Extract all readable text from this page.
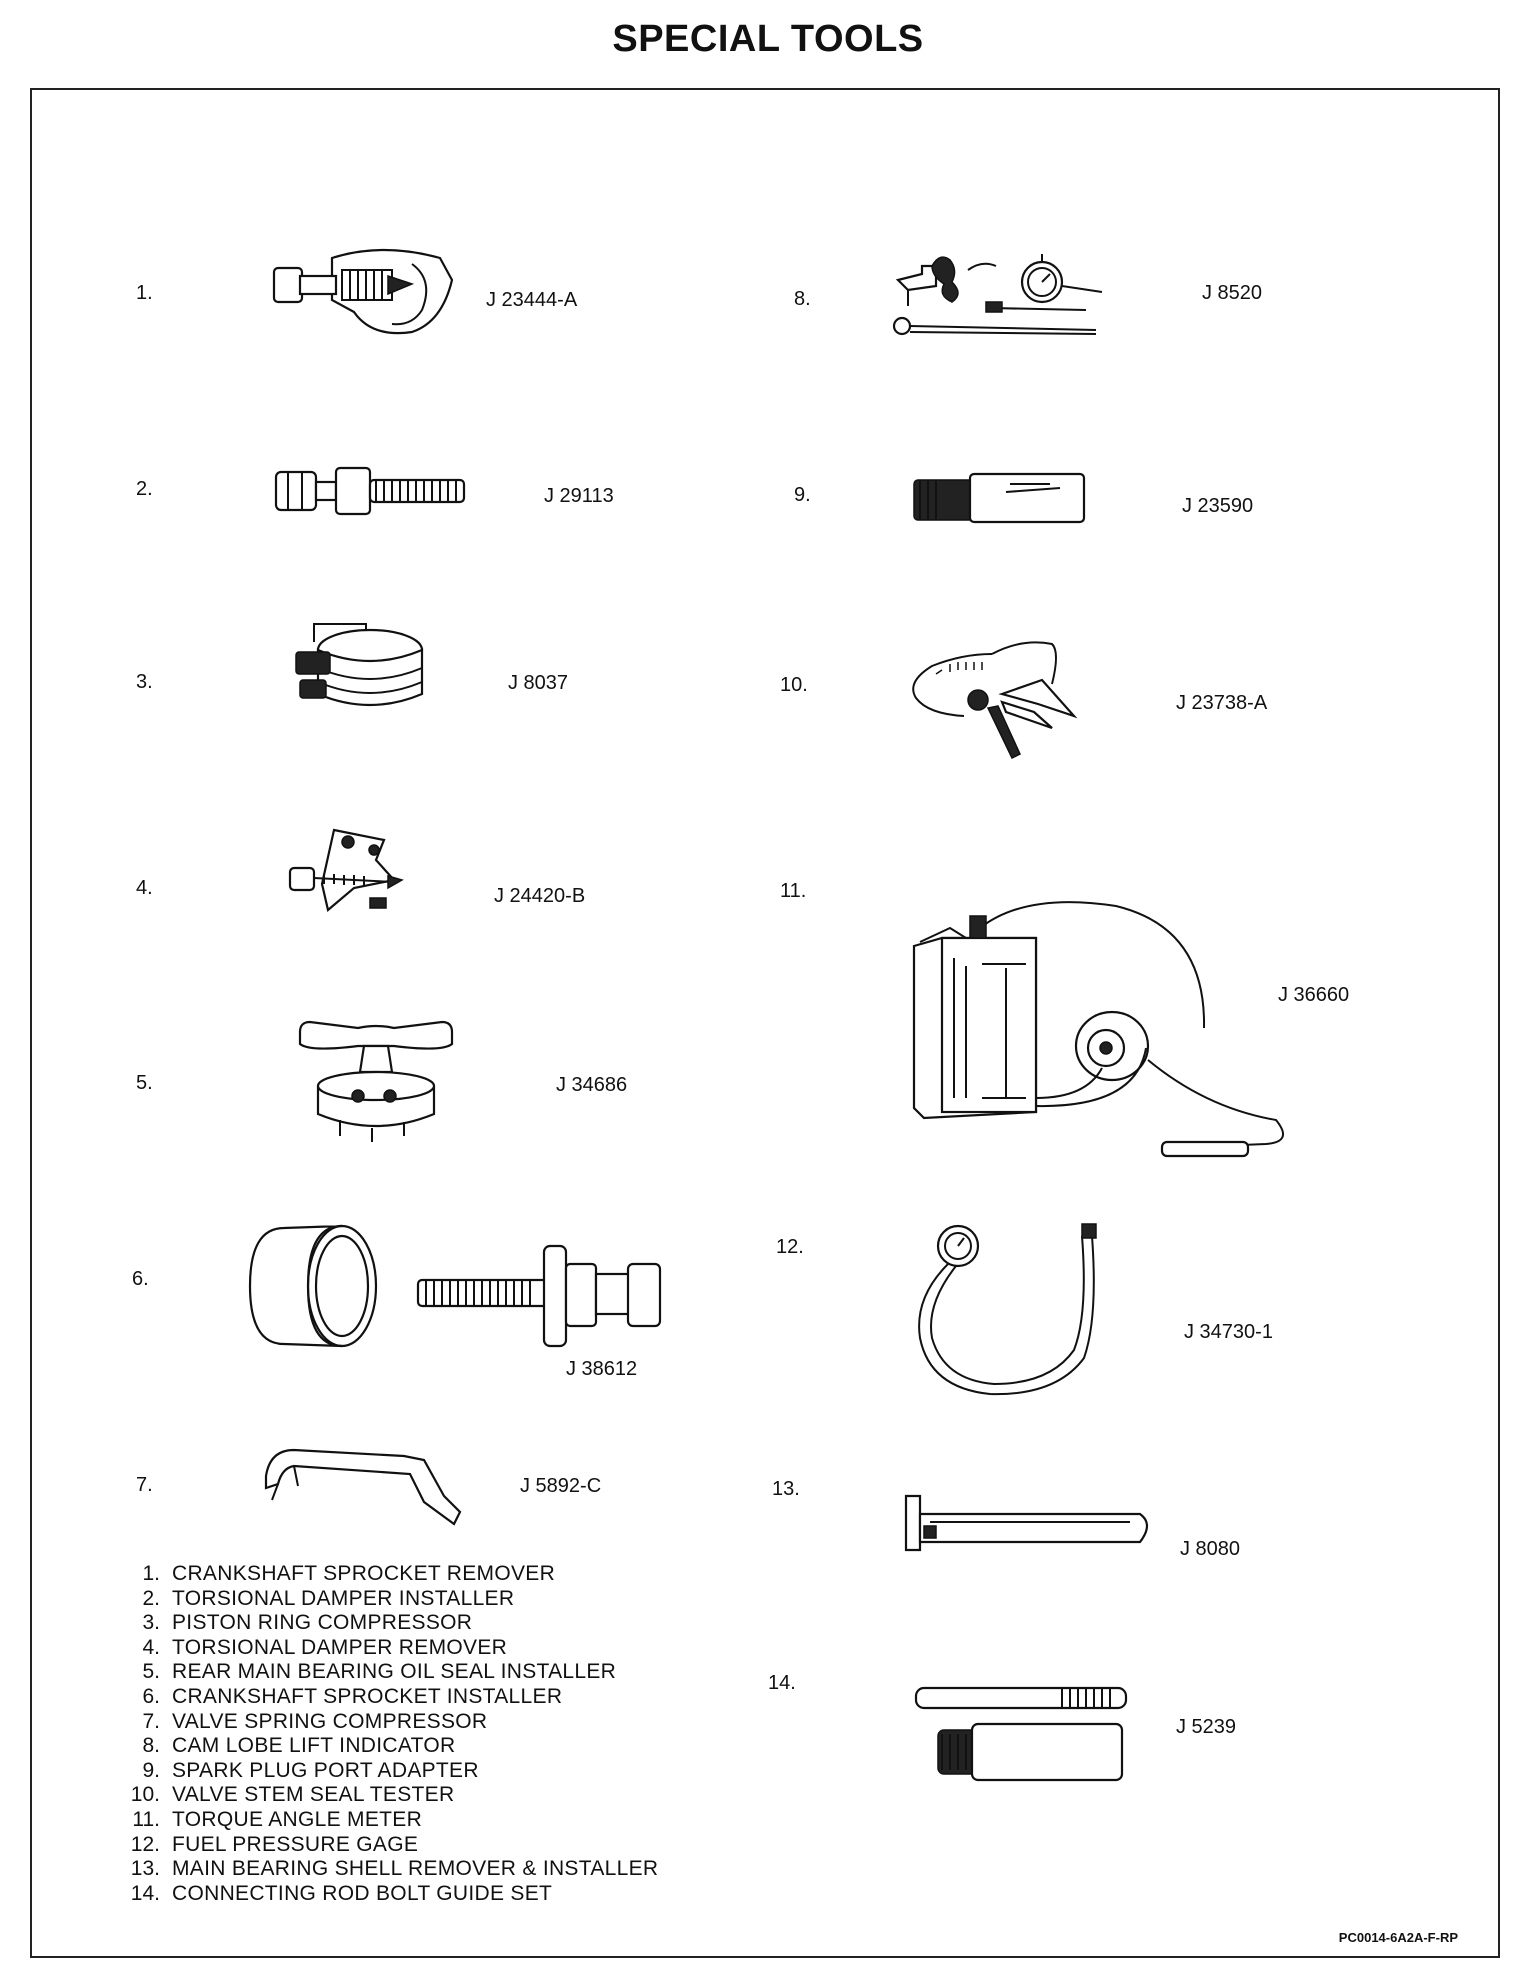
SPECIAL TOOLS
1.
2.
3.
4.
5.
6.
7.
8.
9.
10.
11.
12.
13.
14.
J 23444-A
J 29113
J 8037
J 24420-B
J 34686
J 38612
J 5892-C
J 8520
J 23590
J 23738-A
J 36660
J 34730-1
J 8080
J 5239
1. CRANKSHAFT SPROCKET REMOVER
2. TORSIONAL DAMPER INSTALLER
3. PISTON RING COMPRESSOR
4. TORSIONAL DAMPER REMOVER
5. REAR MAIN BEARING OIL SEAL INSTALLER
6. CRANKSHAFT SPROCKET INSTALLER
7. VALVE SPRING COMPRESSOR
8. CAM LOBE LIFT INDICATOR
9. SPARK PLUG PORT ADAPTER
10. VALVE STEM SEAL TESTER
11. TORQUE ANGLE METER
12. FUEL PRESSURE GAGE
13. MAIN BEARING SHELL REMOVER & INSTALLER
14. CONNECTING ROD BOLT GUIDE SET
PC0014-6A2A-F-RP
